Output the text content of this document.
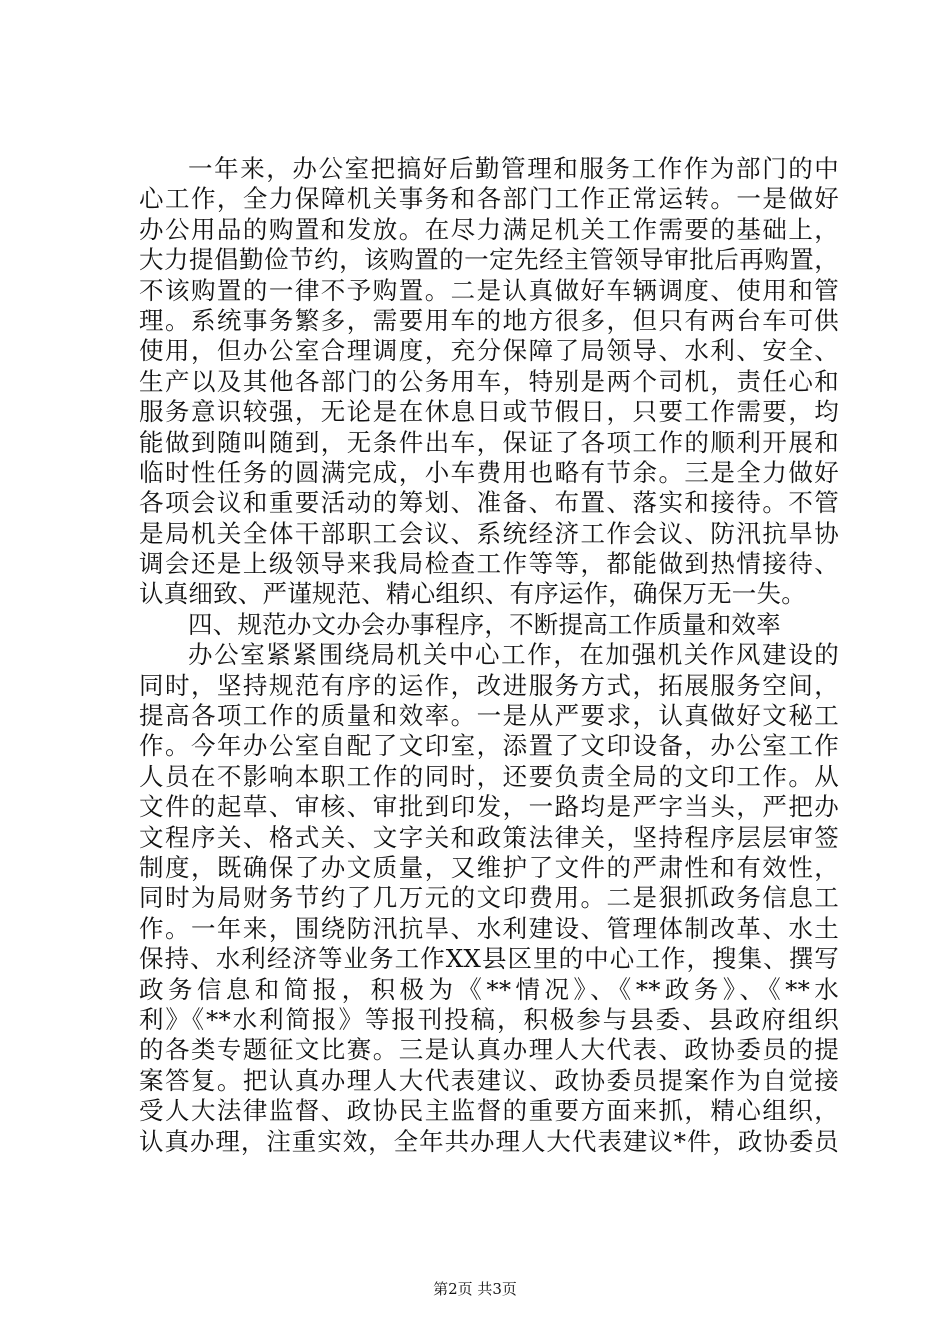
一年来，办公室把搞好后勤管理和服务工作作为部门的中
心工作，全力保障机关事务和各部门工作正常运转。一是做好
办公用品的购置和发放。在尽力满足机关工作需要的基础上，
大力提倡勤俭节约，该购置的一定先经主管领导审批后再购置，
不该购置的一律不予购置。二是认真做好车辆调度、使用和管
理。系统事务繁多，需要用车的地方很多，但只有两台车可供
使用，但办公室合理调度，充分保障了局领导、水利、安全、
生产以及其他各部门的公务用车，特别是两个司机，责任心和
服务意识较强，无论是在休息日或节假日，只要工作需要，均
能做到随叫随到，无条件出车，保证了各项工作的顺利开展和
临时性任务的圆满完成，小车费用也略有节余。三是全力做好
各项会议和重要活动的筹划、准备、布置、落实和接待。不管
是局机关全体干部职工会议、系统经济工作会议、防汛抗旱协
调会还是上级领导来我局检查工作等等，都能做到热情接待、
认真细致、严谨规范、精心组织、有序运作，确保万无一失。
四、规范办文办会办事程序，不断提高工作质量和效率
办公室紧紧围绕局机关中心工作，在加强机关作风建设的
同时，坚持规范有序的运作，改进服务方式，拓展服务空间，
提高各项工作的质量和效率。一是从严要求，认真做好文秘工
作。今年办公室自配了文印室，添置了文印设备，办公室工作
人员在不影响本职工作的同时，还要负责全局的文印工作。从
文件的起草、审核、审批到印发，一路均是严字当头，严把办
文程序关、格式关、文字关和政策法律关，坚持程序层层审签
制度，既确保了办文质量，又维护了文件的严肃性和有效性，
同时为局财务节约了几万元的文印费用。二是狠抓政务信息工
作。一年来，围绕防汛抗旱、水利建设、管理体制改革、水土
保持、水利经济等业务工作XX县区里的中心工作，搜集、撰写
政务信息和简报，积极为《**情况》、《**政务》、《**水
利》《**水利简报》等报刊投稿，积极参与县委、县政府组织
的各类专题征文比赛。三是认真办理人大代表、政协委员的提
案答复。把认真办理人大代表建议、政协委员提案作为自觉接
受人大法律监督、政协民主监督的重要方面来抓，精心组织，
认真办理，注重实效，全年共办理人大代表建议*件，政协委员
第2页 共3页
